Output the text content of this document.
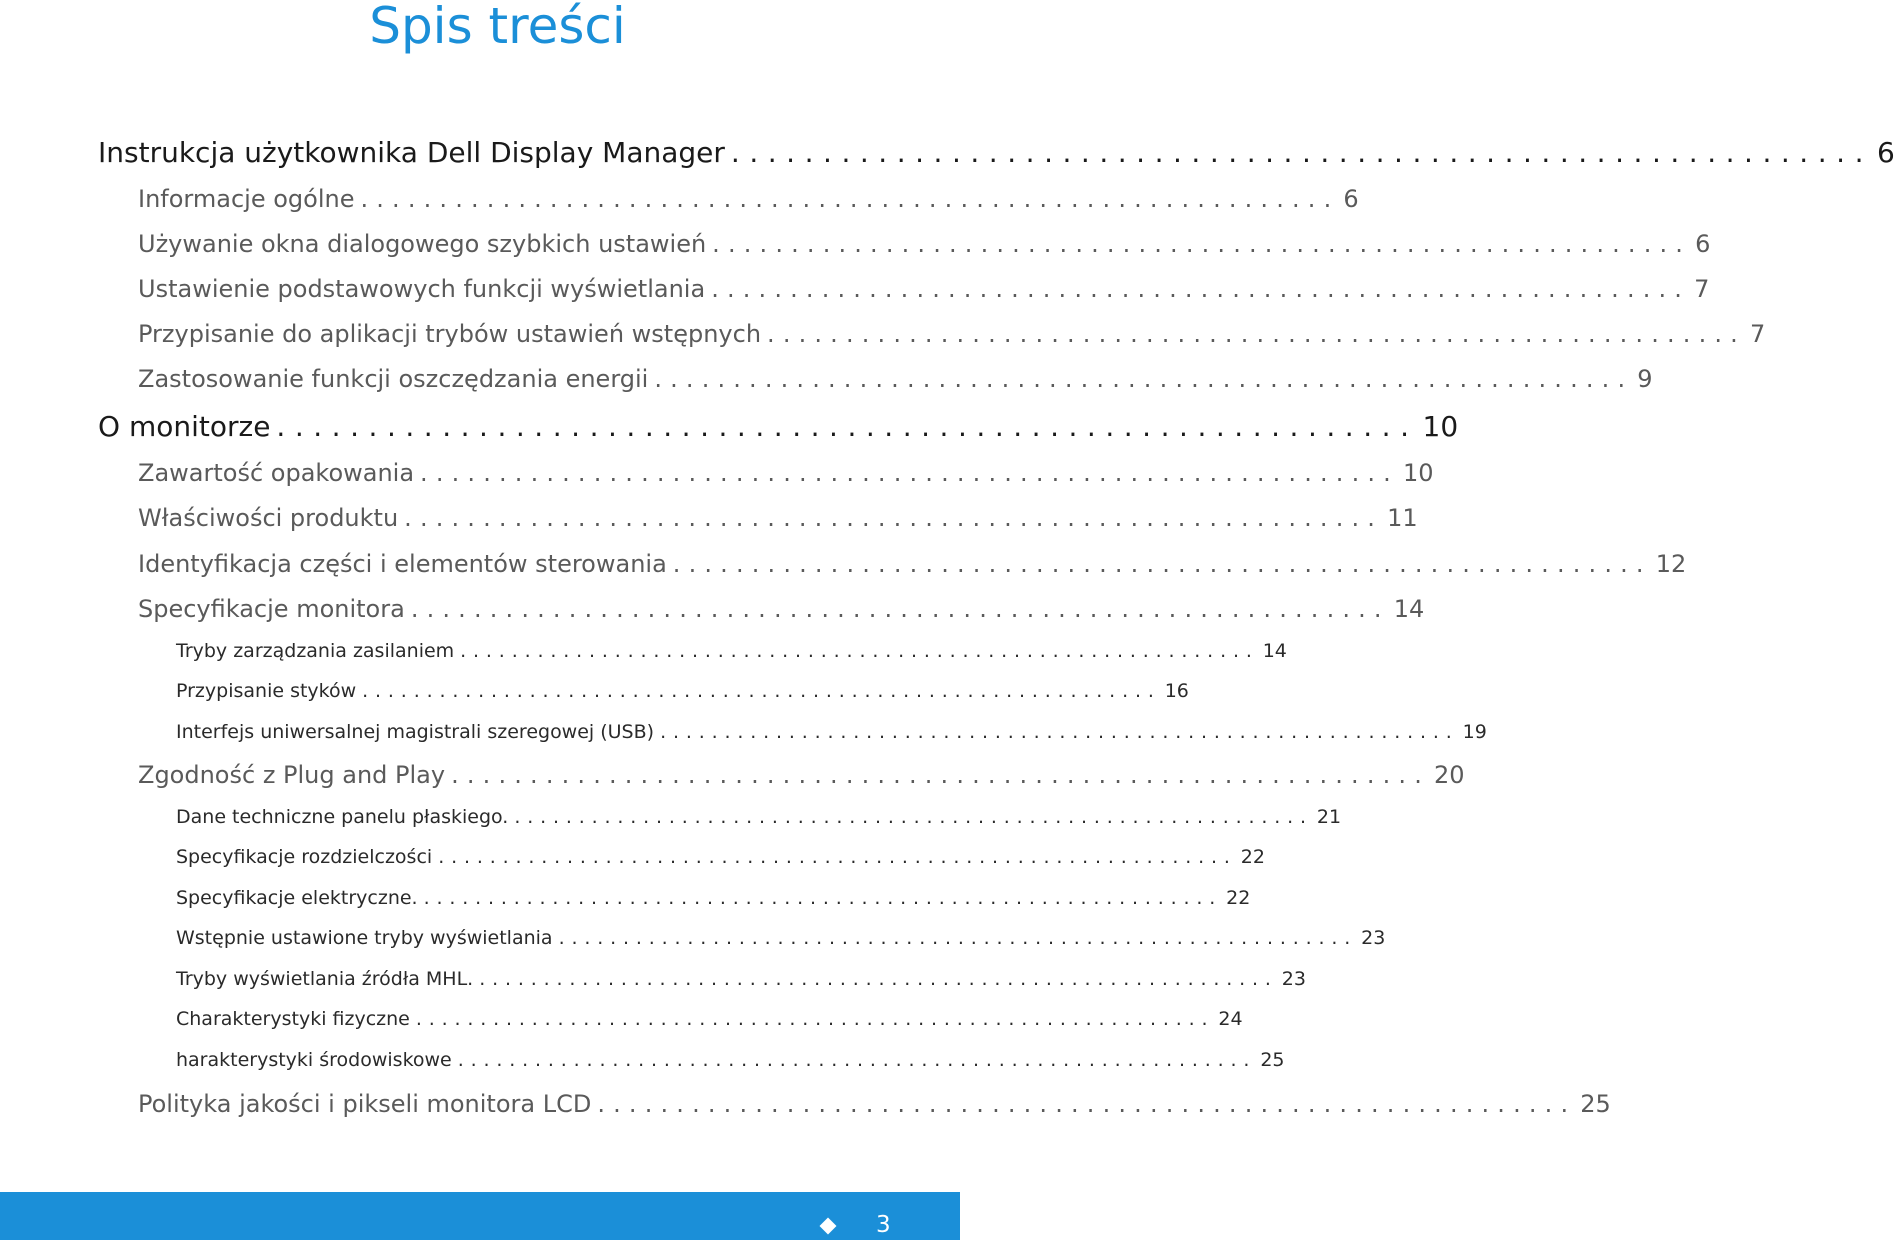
Spis treści
Instrukcja użytkownika Dell Display Manager .............................................................. 6
Informacje ogólne .............................................................. 6
Używanie okna dialogowego szybkich ustawień .............................................................. 6
Ustawienie podstawowych funkcji wyświetlania .............................................................. 7
Przypisanie do aplikacji trybów ustawień wstępnych .............................................................. 7
Zastosowanie funkcji oszczędzania energii .............................................................. 9
O monitorze .............................................................. 10
Zawartość opakowania .............................................................. 10
Właściwości produktu .............................................................. 11
Identyfikacja części i elementów sterowania .............................................................. 12
Specyfikacje monitora .............................................................. 14
Tryby zarządzania zasilaniem .............................................................. 14
Przypisanie styków .............................................................. 16
Interfejs uniwersalnej magistrali szeregowej (USB) .............................................................. 19
Zgodność z Plug and Play .............................................................. 20
Dane techniczne panelu płaskiego. .............................................................. 21
Specyfikacje rozdzielczości .............................................................. 22
Specyfikacje elektryczne. .............................................................. 22
Wstępnie ustawione tryby wyświetlania .............................................................. 23
Tryby wyświetlania źródła MHL. .............................................................. 23
Charakterystyki fizyczne .............................................................. 24
harakterystyki środowiskowe .............................................................. 25
Polityka jakości i pikseli monitora LCD .............................................................. 25
3
